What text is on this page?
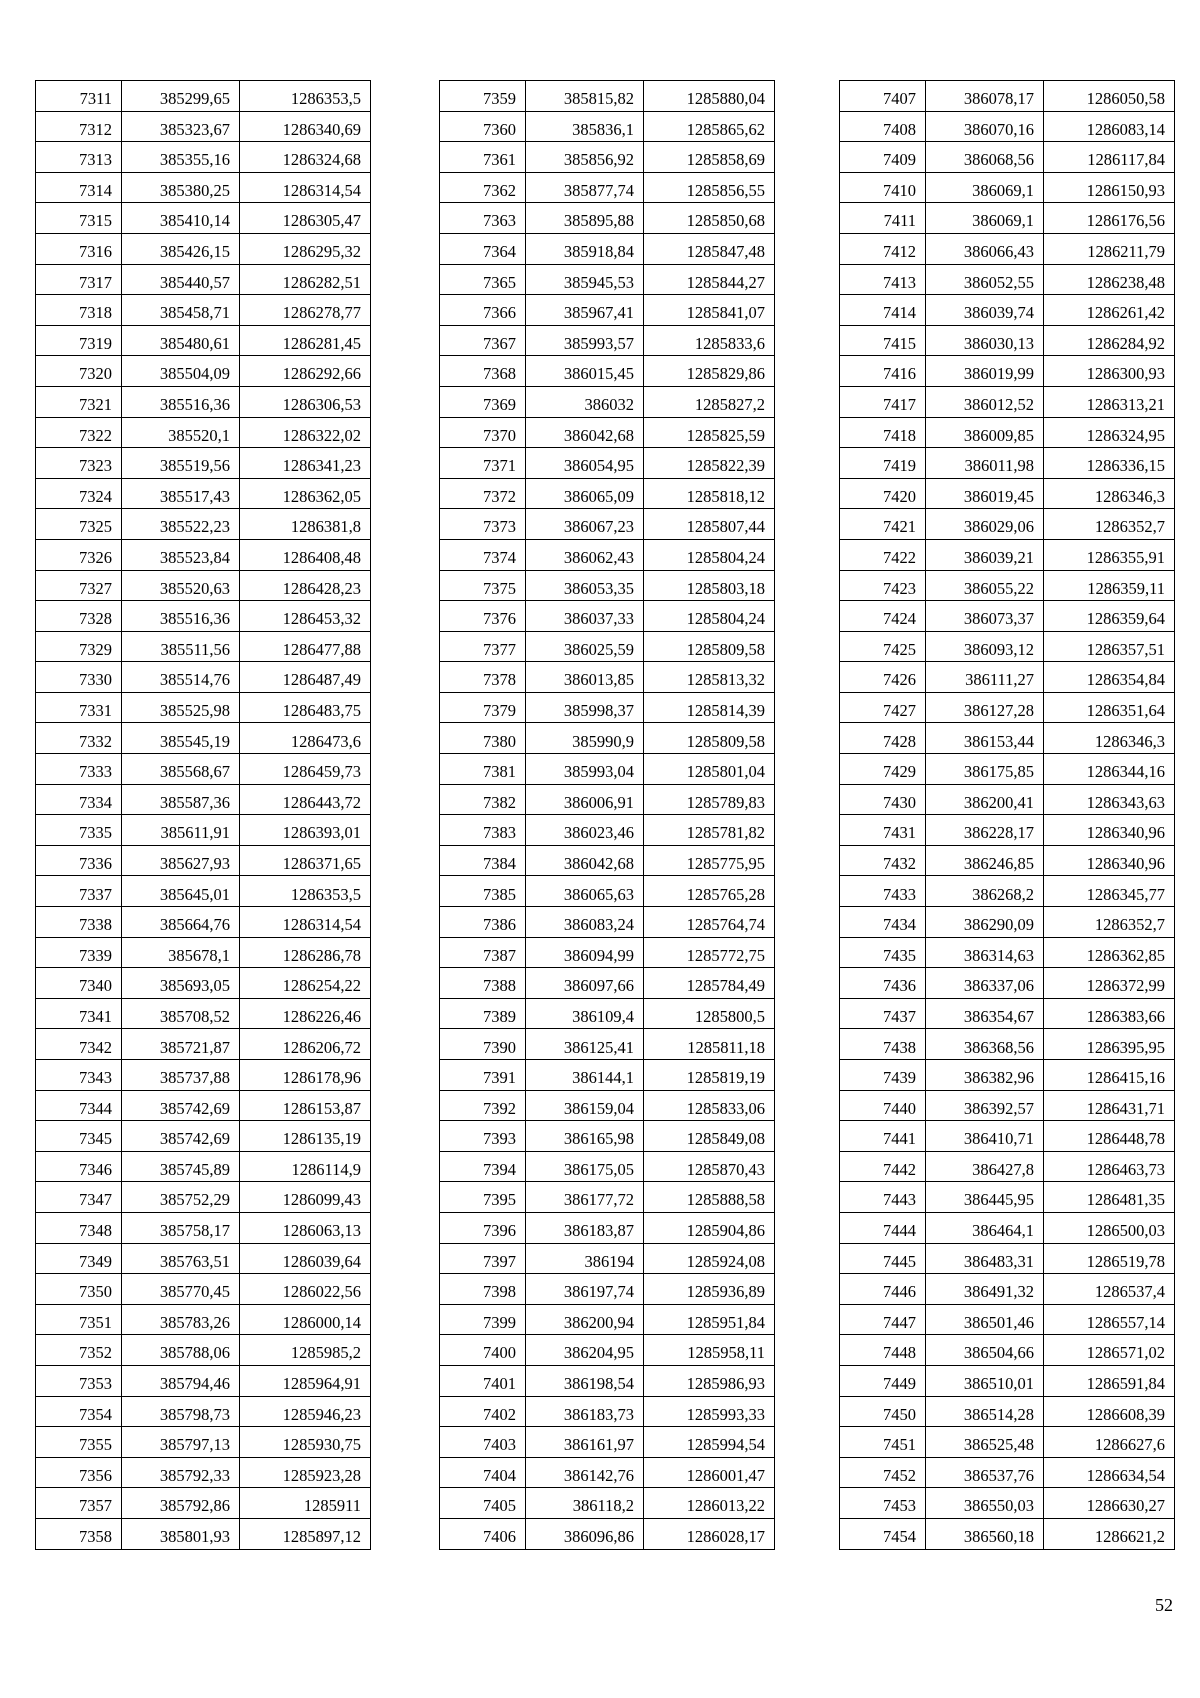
7311	385299,65	1286353,5
7312	385323,67	1286340,69
7313	385355,16	1286324,68
7314	385380,25	1286314,54
7315	385410,14	1286305,47
7316	385426,15	1286295,32
7317	385440,57	1286282,51
7318	385458,71	1286278,77
7319	385480,61	1286281,45
7320	385504,09	1286292,66
7321	385516,36	1286306,53
7322	385520,1	1286322,02
7323	385519,56	1286341,23
7324	385517,43	1286362,05
7325	385522,23	1286381,8
7326	385523,84	1286408,48
7327	385520,63	1286428,23
7328	385516,36	1286453,32
7329	385511,56	1286477,88
7330	385514,76	1286487,49
7331	385525,98	1286483,75
7332	385545,19	1286473,6
7333	385568,67	1286459,73
7334	385587,36	1286443,72
7335	385611,91	1286393,01
7336	385627,93	1286371,65
7337	385645,01	1286353,5
7338	385664,76	1286314,54
7339	385678,1	1286286,78
7340	385693,05	1286254,22
7341	385708,52	1286226,46
7342	385721,87	1286206,72
7343	385737,88	1286178,96
7344	385742,69	1286153,87
7345	385742,69	1286135,19
7346	385745,89	1286114,9
7347	385752,29	1286099,43
7348	385758,17	1286063,13
7349	385763,51	1286039,64
7350	385770,45	1286022,56
7351	385783,26	1286000,14
7352	385788,06	1285985,2
7353	385794,46	1285964,91
7354	385798,73	1285946,23
7355	385797,13	1285930,75
7356	385792,33	1285923,28
7357	385792,86	1285911
7358	385801,93	1285897,12
7359	385815,82	1285880,04
7360	385836,1	1285865,62
7361	385856,92	1285858,69
7362	385877,74	1285856,55
7363	385895,88	1285850,68
7364	385918,84	1285847,48
7365	385945,53	1285844,27
7366	385967,41	1285841,07
7367	385993,57	1285833,6
7368	386015,45	1285829,86
7369	386032	1285827,2
7370	386042,68	1285825,59
7371	386054,95	1285822,39
7372	386065,09	1285818,12
7373	386067,23	1285807,44
7374	386062,43	1285804,24
7375	386053,35	1285803,18
7376	386037,33	1285804,24
7377	386025,59	1285809,58
7378	386013,85	1285813,32
7379	385998,37	1285814,39
7380	385990,9	1285809,58
7381	385993,04	1285801,04
7382	386006,91	1285789,83
7383	386023,46	1285781,82
7384	386042,68	1285775,95
7385	386065,63	1285765,28
7386	386083,24	1285764,74
7387	386094,99	1285772,75
7388	386097,66	1285784,49
7389	386109,4	1285800,5
7390	386125,41	1285811,18
7391	386144,1	1285819,19
7392	386159,04	1285833,06
7393	386165,98	1285849,08
7394	386175,05	1285870,43
7395	386177,72	1285888,58
7396	386183,87	1285904,86
7397	386194	1285924,08
7398	386197,74	1285936,89
7399	386200,94	1285951,84
7400	386204,95	1285958,11
7401	386198,54	1285986,93
7402	386183,73	1285993,33
7403	386161,97	1285994,54
7404	386142,76	1286001,47
7405	386118,2	1286013,22
7406	386096,86	1286028,17
7407	386078,17	1286050,58
7408	386070,16	1286083,14
7409	386068,56	1286117,84
7410	386069,1	1286150,93
7411	386069,1	1286176,56
7412	386066,43	1286211,79
7413	386052,55	1286238,48
7414	386039,74	1286261,42
7415	386030,13	1286284,92
7416	386019,99	1286300,93
7417	386012,52	1286313,21
7418	386009,85	1286324,95
7419	386011,98	1286336,15
7420	386019,45	1286346,3
7421	386029,06	1286352,7
7422	386039,21	1286355,91
7423	386055,22	1286359,11
7424	386073,37	1286359,64
7425	386093,12	1286357,51
7426	386111,27	1286354,84
7427	386127,28	1286351,64
7428	386153,44	1286346,3
7429	386175,85	1286344,16
7430	386200,41	1286343,63
7431	386228,17	1286340,96
7432	386246,85	1286340,96
7433	386268,2	1286345,77
7434	386290,09	1286352,7
7435	386314,63	1286362,85
7436	386337,06	1286372,99
7437	386354,67	1286383,66
7438	386368,56	1286395,95
7439	386382,96	1286415,16
7440	386392,57	1286431,71
7441	386410,71	1286448,78
7442	386427,8	1286463,73
7443	386445,95	1286481,35
7444	386464,1	1286500,03
7445	386483,31	1286519,78
7446	386491,32	1286537,4
7447	386501,46	1286557,14
7448	386504,66	1286571,02
7449	386510,01	1286591,84
7450	386514,28	1286608,39
7451	386525,48	1286627,6
7452	386537,76	1286634,54
7453	386550,03	1286630,27
7454	386560,18	1286621,2
52
